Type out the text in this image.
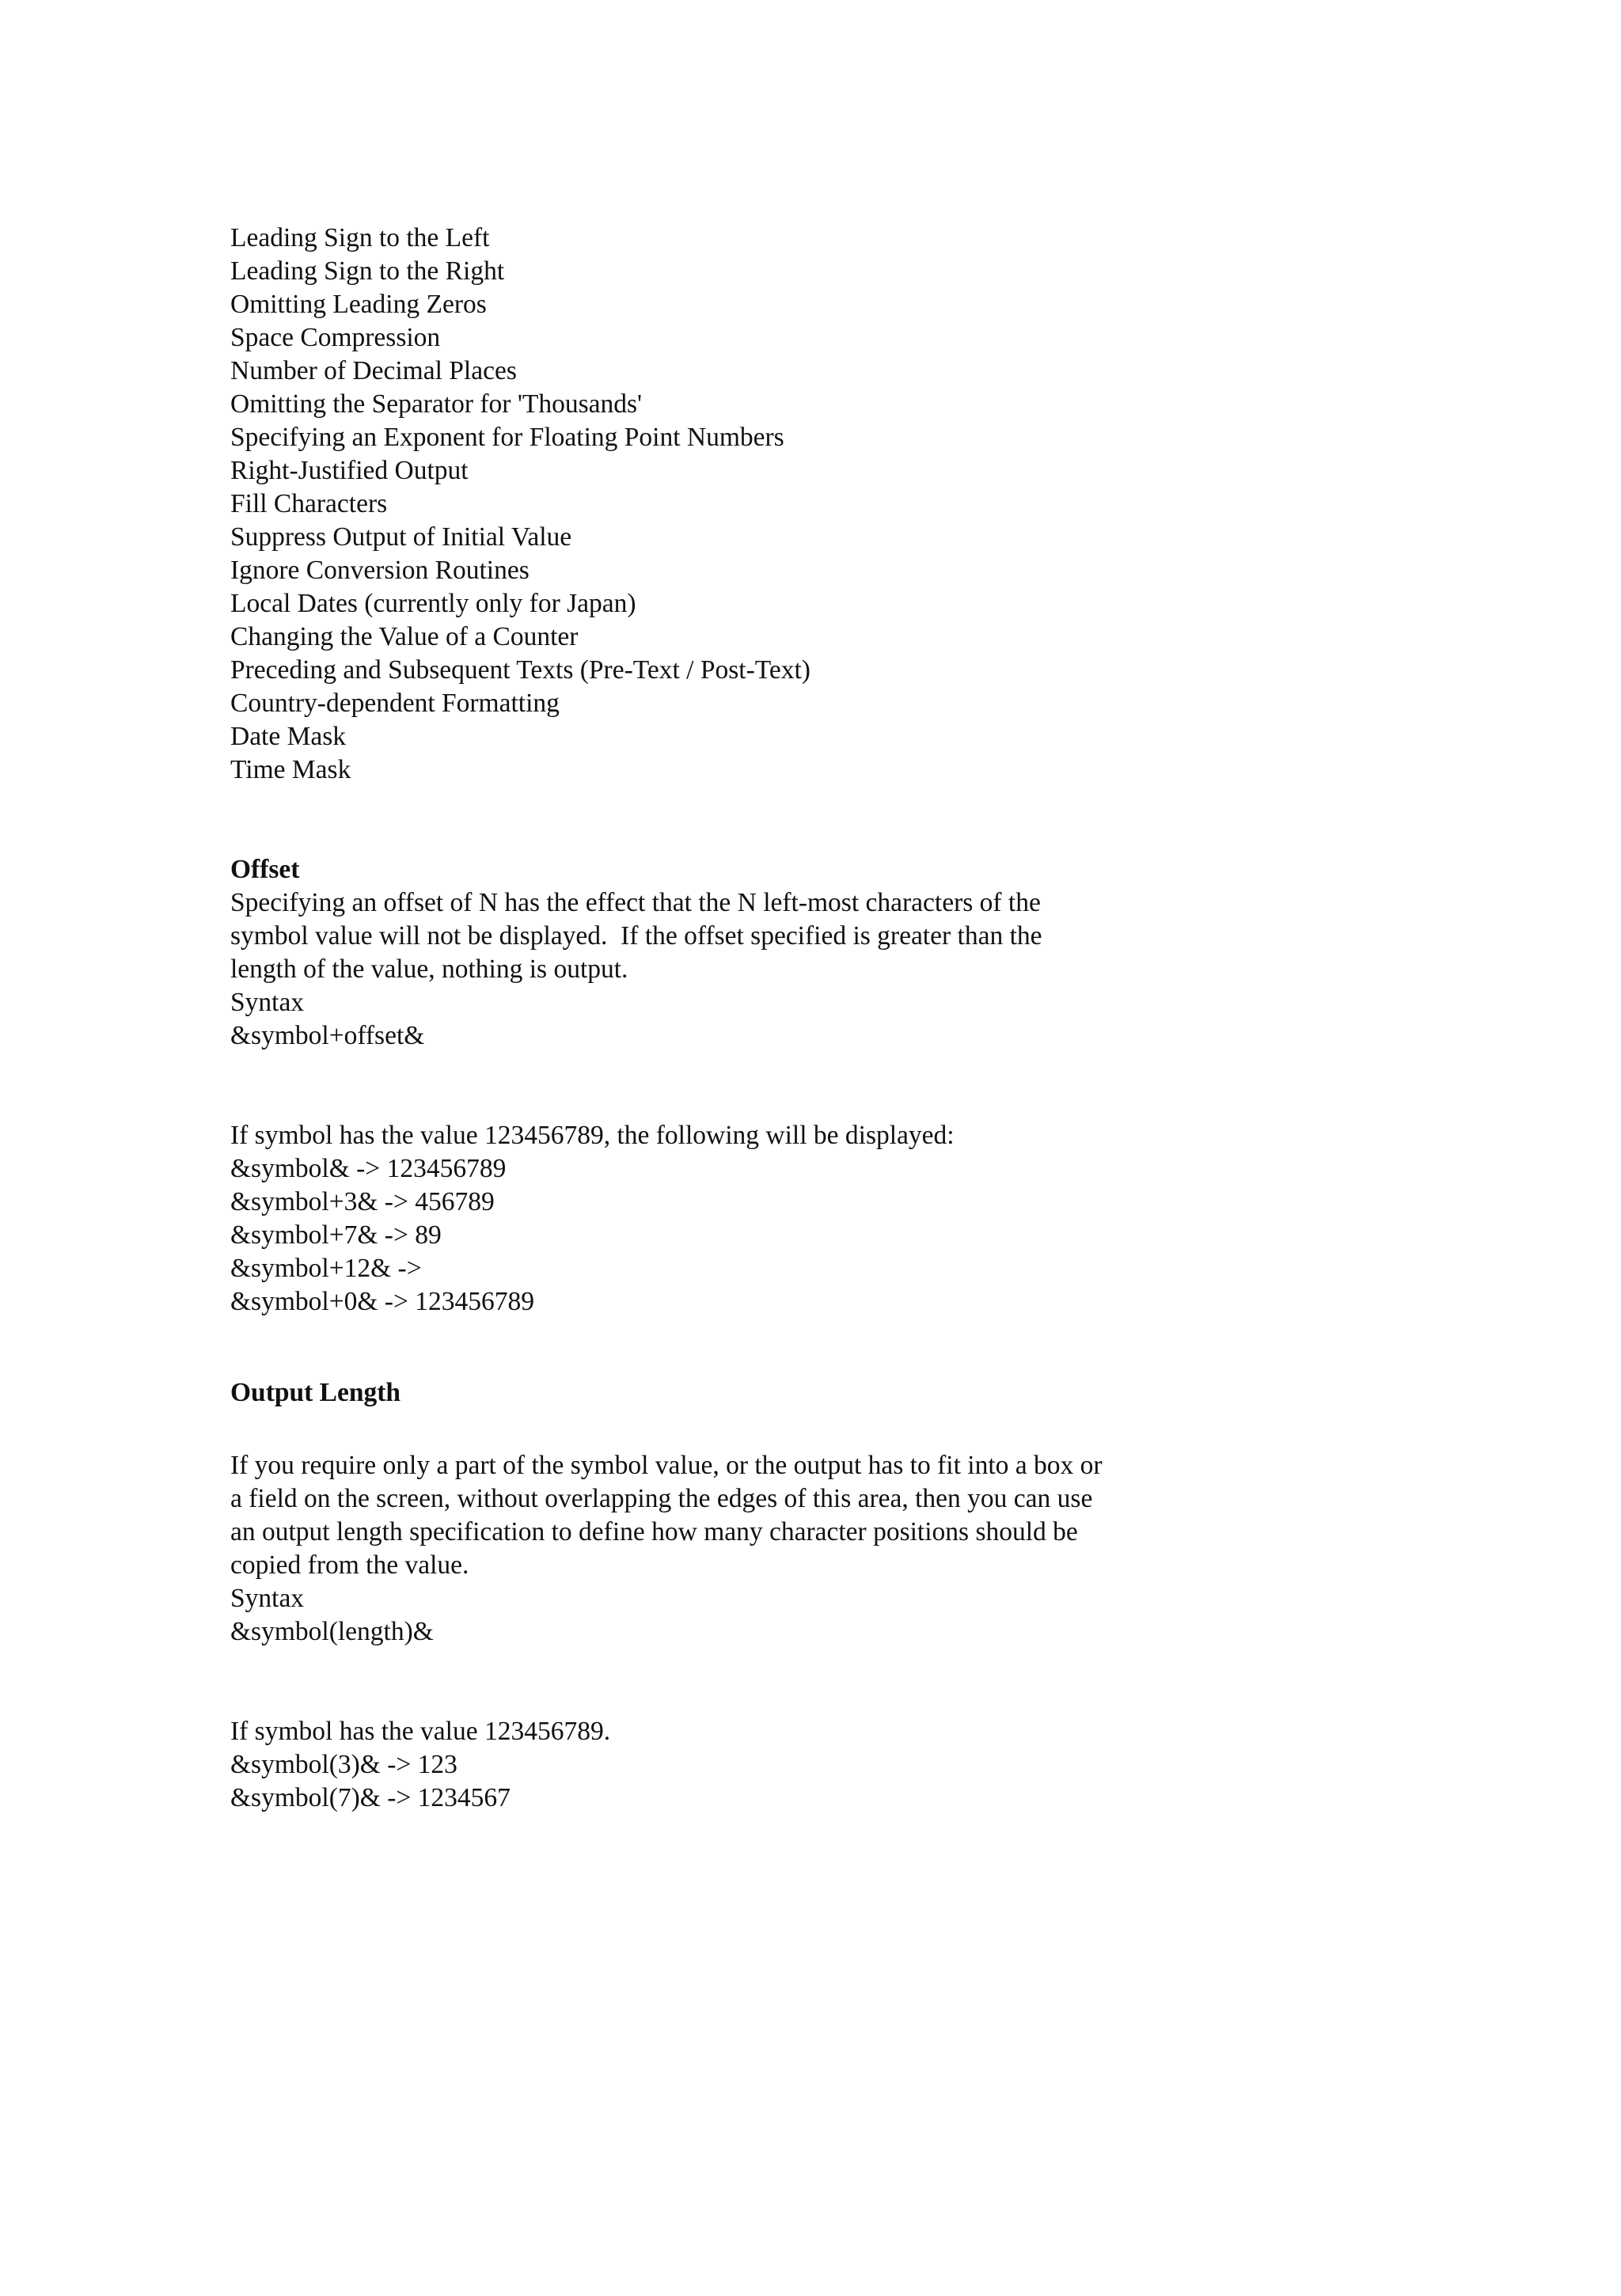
Leading Sign to the Left
Leading Sign to the Right
Omitting Leading Zeros
Space Compression
Number of Decimal Places
Omitting the Separator for 'Thousands'
Specifying an Exponent for Floating Point Numbers
Right-Justified Output
Fill Characters
Suppress Output of Initial Value
Ignore Conversion Routines
Local Dates (currently only for Japan)
Changing the Value of a Counter
Preceding and Subsequent Texts (Pre-Text / Post-Text)
Country-dependent Formatting
Date Mask
Time Mask
Offset
Specifying an offset of N has the effect that the N left-most characters of the
symbol value will not be displayed.  If the offset specified is greater than the
length of the value, nothing is output.
Syntax
&symbol+offset&
If symbol has the value 123456789, the following will be displayed:
&symbol& -> 123456789
&symbol+3& -> 456789
&symbol+7& -> 89
&symbol+12& ->
&symbol+0& -> 123456789
Output Length
If you require only a part of the symbol value, or the output has to fit into a box or
a field on the screen, without overlapping the edges of this area, then you can use
an output length specification to define how many character positions should be
copied from the value.
Syntax
&symbol(length)&
If symbol has the value 123456789.
&symbol(3)& -> 123
&symbol(7)& -> 1234567
